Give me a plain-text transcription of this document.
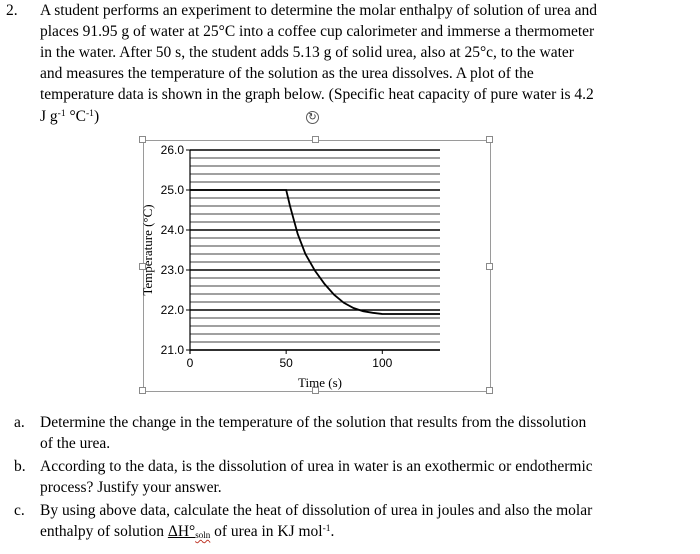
2. A student performs an experiment to determine the molar enthalpy of solution of urea and
places 91.95 g of water at 25°C into a coffee cup calorimeter and immerse a thermometer
in the water. After 50 s, the student adds 5.13 g of solid urea, also at 25°c, to the water
and measures the temperature of the solution as the urea dissolves. A plot of the
temperature data is shown in the graph below. (Specific heat capacity of pure water is 4.2
J $g^{-1}$ $^\circ C^{-1}$)	↻
21.0
22.0
23.0
24.0
25.0
26.0
0	50	100
Temperature (°C)
Time (s)
a. Determine the change in the temperature of the solution that results from the dissolution
of the urea.
b. According to the data, is the dissolution of urea in water is an exothermic or endothermic
process? Justify your answer.
c. By using above data, calculate the heat of dissolution of urea in joules and also the molar
enthalpy of solution ΔH°soln of urea in KJ mol$^{-1}$.
